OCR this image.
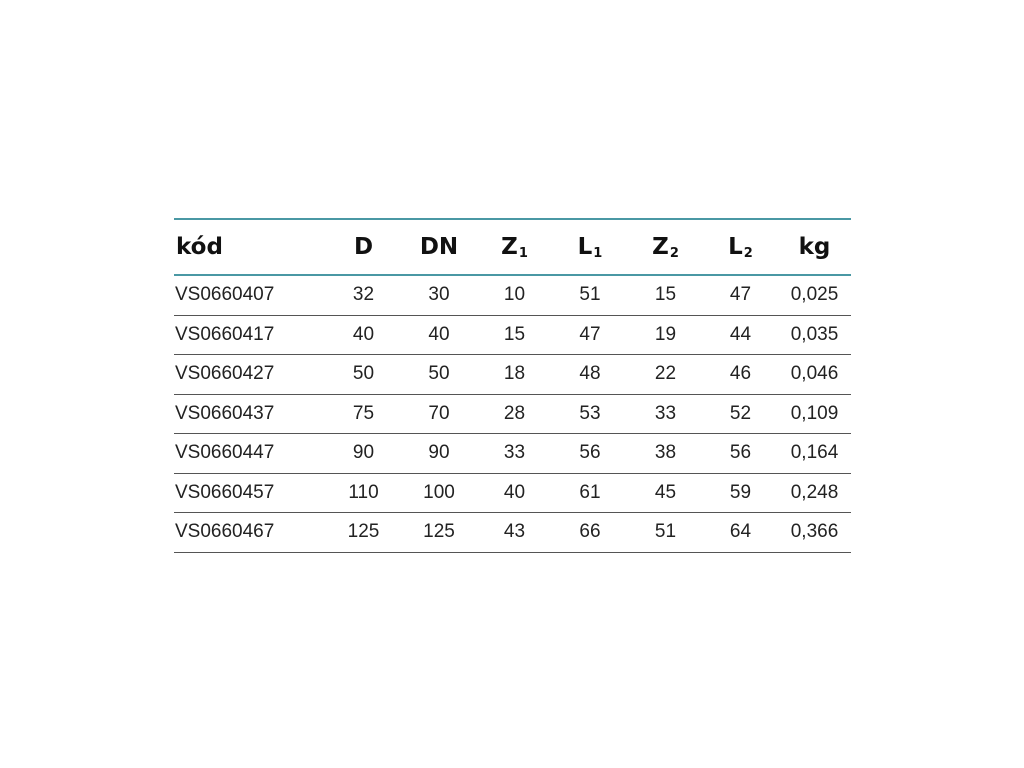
kód	D	DN	$Z_1$	$L_1$	$Z_2$	$L_2$	kg
VS0660407	32	30	10	51	15	47	0,025
VS0660417	40	40	15	47	19	44	0,035
VS0660427	50	50	18	48	22	46	0,046
VS0660437	75	70	28	53	33	52	0,109
VS0660447	90	90	33	56	38	56	0,164
VS0660457	110	100	40	61	45	59	0,248
VS0660467	125	125	43	66	51	64	0,366
